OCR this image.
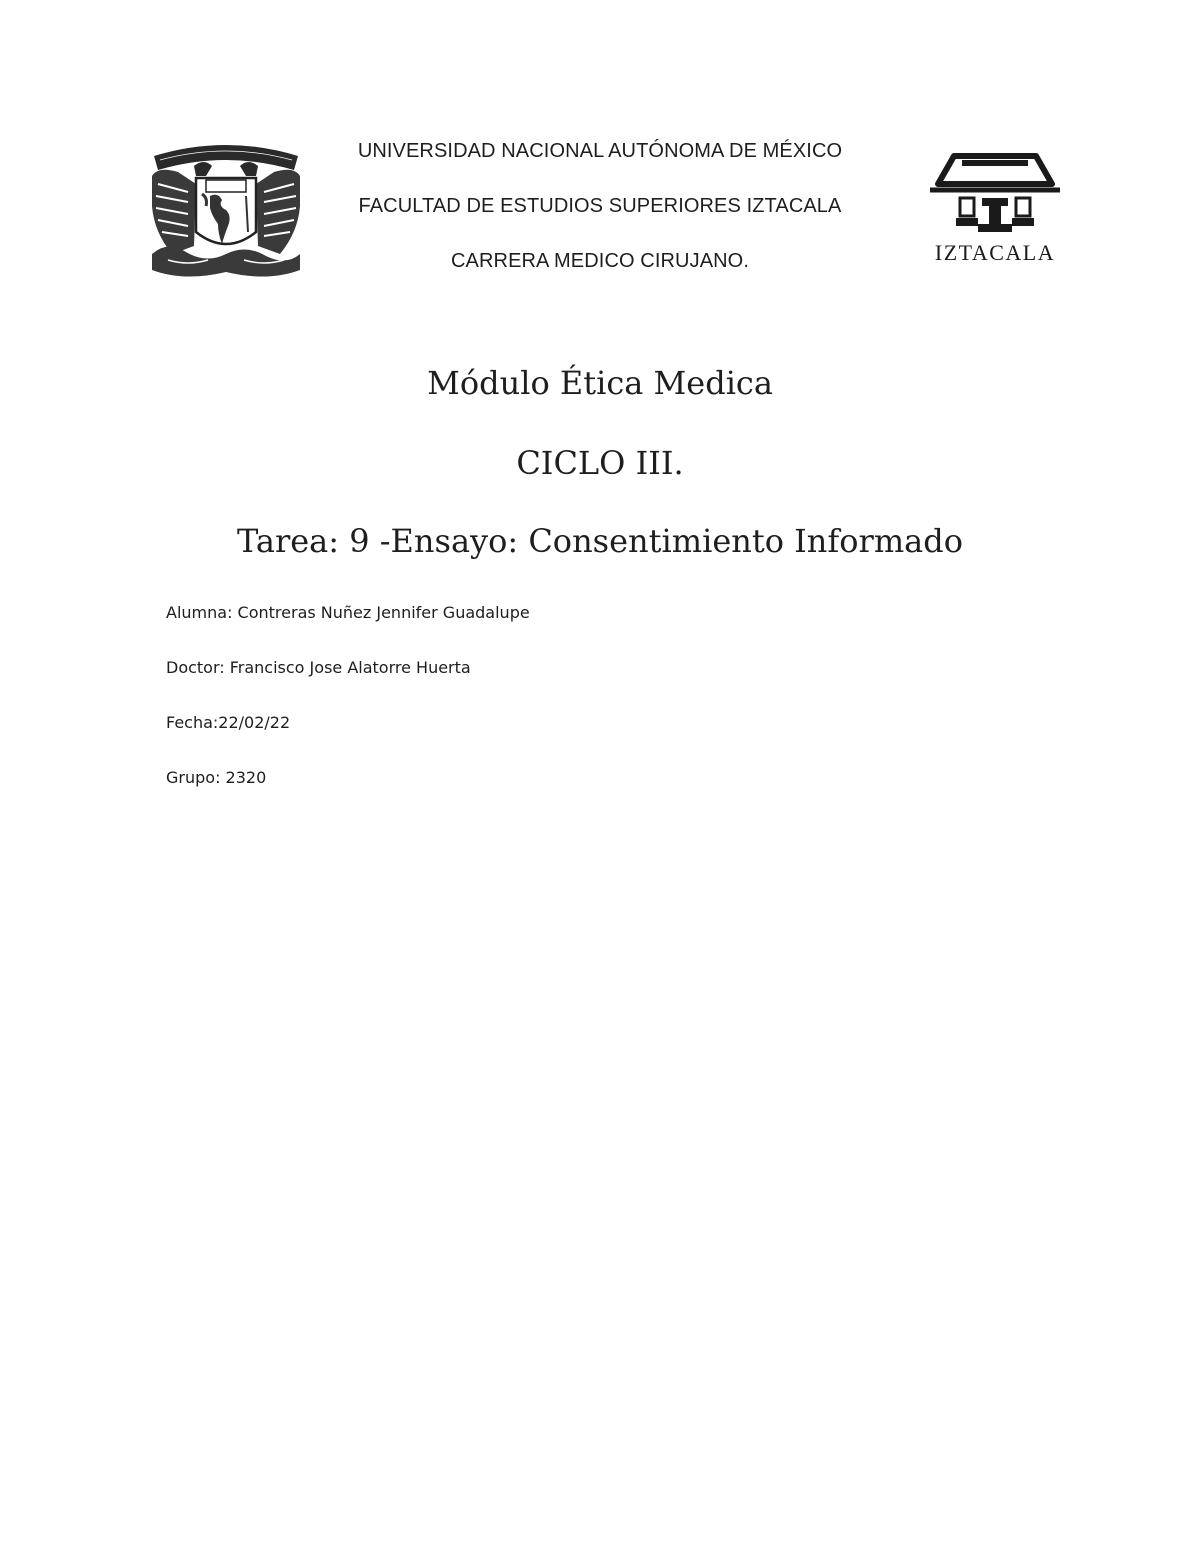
IZTACALA
UNIVERSIDAD NACIONAL AUTÓNOMA DE MÉXICO
FACULTAD DE ESTUDIOS SUPERIORES IZTACALA
CARRERA MEDICO CIRUJANO.
Módulo Ética Medica
CICLO III.
Tarea: 9 -Ensayo: Consentimiento Informado
Alumna: Contreras Nuñez Jennifer Guadalupe
Doctor: Francisco Jose Alatorre Huerta
Fecha:22/02/22
Grupo: 2320
